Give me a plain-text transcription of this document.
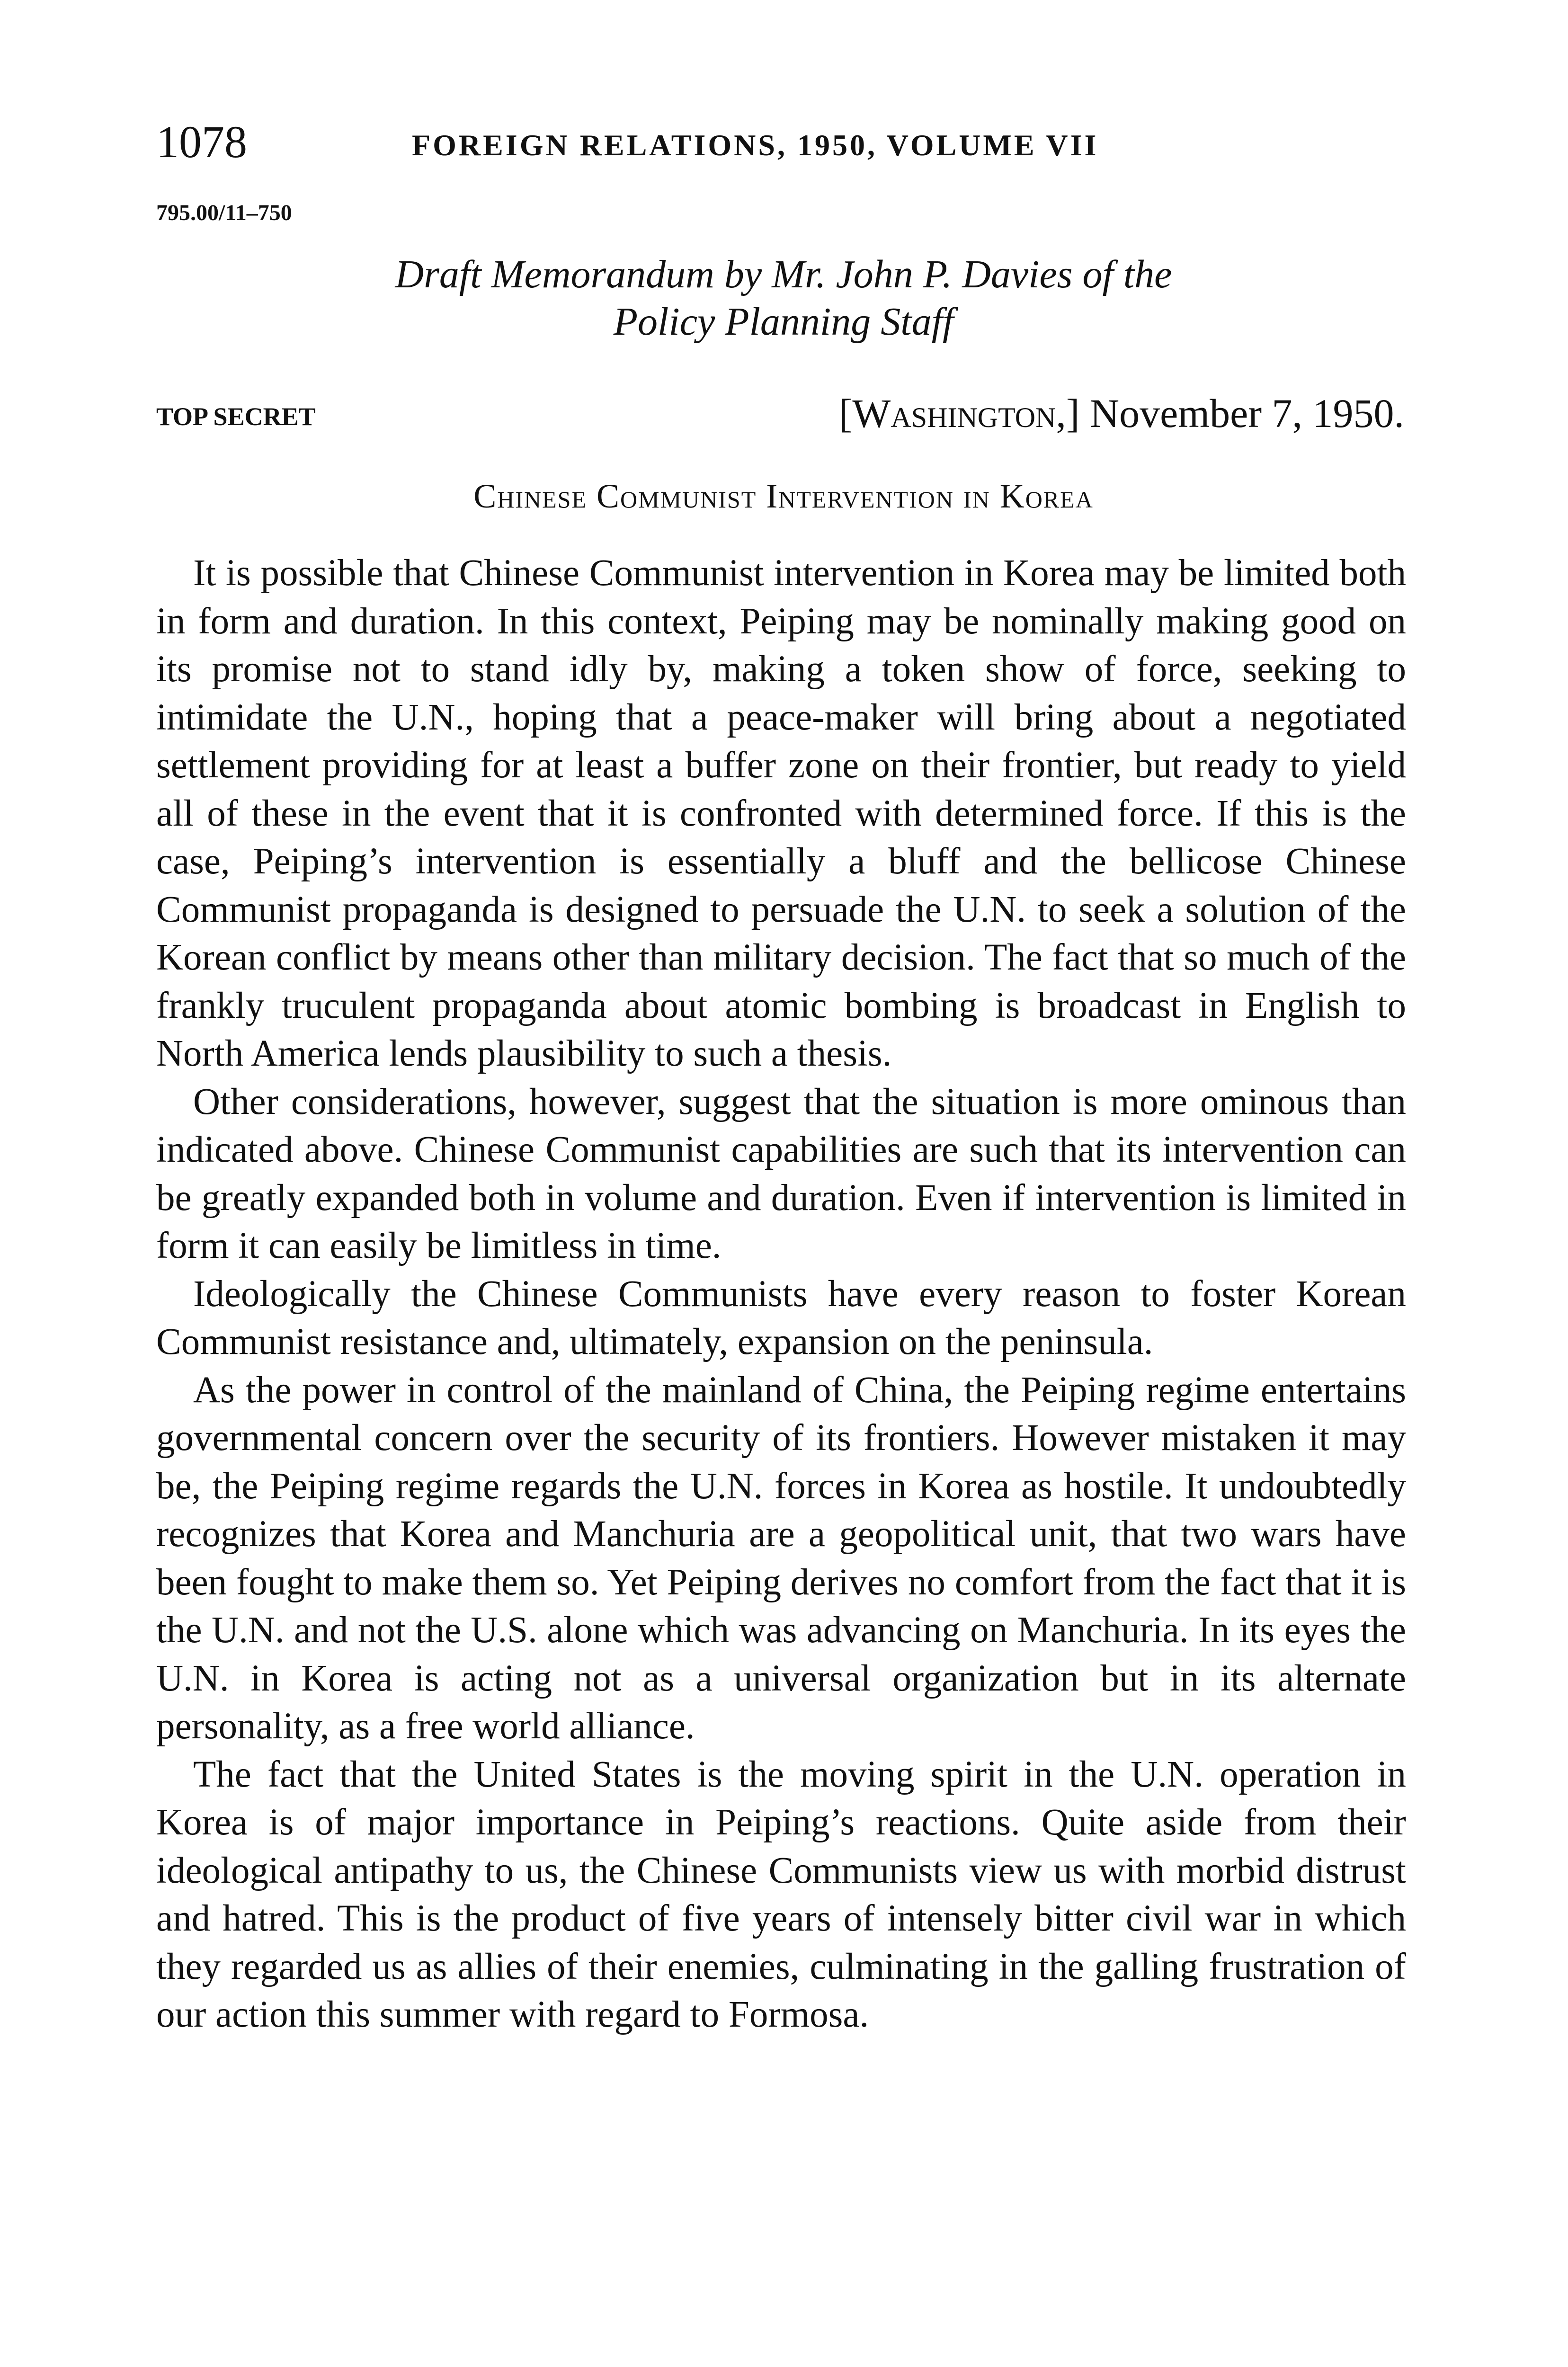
1078	FOREIGN RELATIONS, 1950, VOLUME VII
795.00/11–750
Draft Memorandum by Mr. John P. Davies of the
Policy Planning Staff
TOP SECRET	[Washington,] November 7, 1950.
Chinese Communist Intervention in Korea

It is possible that Chinese Communist intervention in Korea may be limited both in form and duration. In this context, Peiping may be nominally making good on its promise not to stand idly by, making a token show of force, seeking to intimidate the U.N., hoping that a peace-maker will bring about a negotiated settlement providing for at least a buffer zone on their frontier, but ready to yield all of these in the event that it is confronted with determined force. If this is the case, Peiping’s intervention is essentially a bluff and the bellicose Chinese Communist propaganda is designed to persuade the U.N. to seek a solution of the Korean conflict by means other than military decision. The fact that so much of the frankly truculent propaganda about atomic bombing is broadcast in English to North America lends plausibility to such a thesis.

Other considerations, however, suggest that the situation is more ominous than indicated above. Chinese Communist capabilities are such that its intervention can be greatly expanded both in volume and duration. Even if intervention is limited in form it can easily be limitless in time.

Ideologically the Chinese Communists have every reason to foster Korean Communist resistance and, ultimately, expansion on the peninsula.

As the power in control of the mainland of China, the Peiping regime entertains governmental concern over the security of its frontiers. However mistaken it may be, the Peiping regime regards the U.N. forces in Korea as hostile. It undoubtedly recognizes that Korea and Manchuria are a geopolitical unit, that two wars have been fought to make them so. Yet Peiping derives no comfort from the fact that it is the U.N. and not the U.S. alone which was advancing on Manchuria. In its eyes the U.N. in Korea is acting not as a universal organization but in its alternate personality, as a free world alliance.

The fact that the United States is the moving spirit in the U.N. operation in Korea is of major importance in Peiping’s reactions. Quite aside from their ideological antipathy to us, the Chinese Communists view us with morbid distrust and hatred. This is the product of five years of intensely bitter civil war in which they regarded us as allies of their enemies, culminating in the galling frustration of our action this summer with regard to Formosa.
